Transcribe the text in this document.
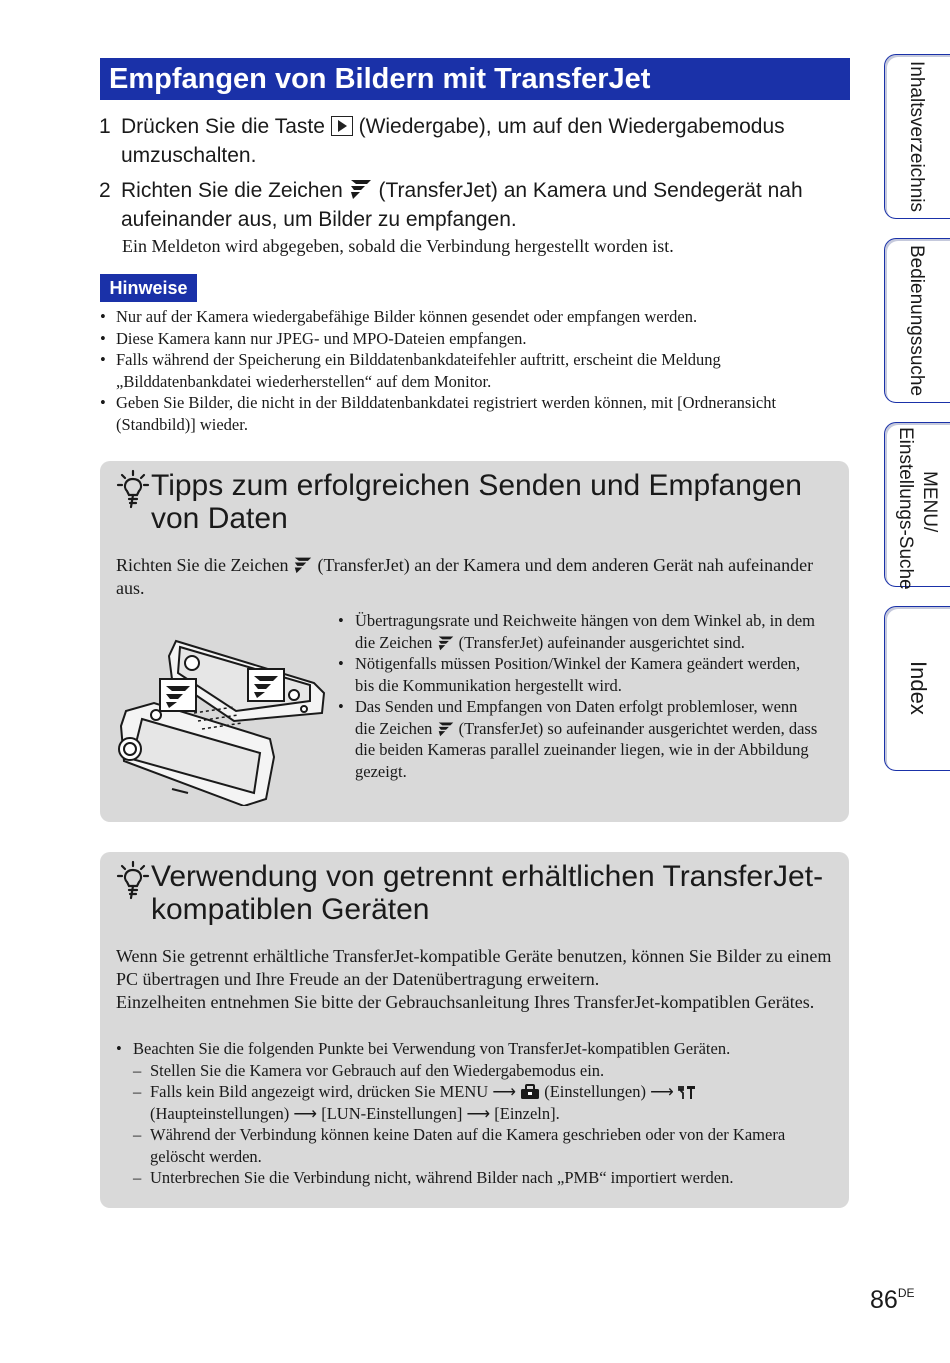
Empfangen von Bildern mit TransferJet
1 Drücken Sie die Taste (Wiedergabe), um auf den Wiedergabemodus
umzuschalten.
2 Richten Sie die Zeichen (TransferJet) an Kamera und Sendegerät nah
aufeinander aus, um Bilder zu empfangen.
Ein Meldeton wird abgegeben, sobald die Verbindung hergestellt worden ist.
Hinweise
• Nur auf der Kamera wiedergabefähige Bilder können gesendet oder empfangen werden.
• Diese Kamera kann nur JPEG- und MPO-Dateien empfangen.
• Falls während der Speicherung ein Bilddatenbankdateifehler auftritt, erscheint die Meldung „Bilddatenbankdatei wiederherstellen“ auf dem Monitor.
• Geben Sie Bilder, die nicht in der Bilddatenbankdatei registriert werden können, mit [Ordneransicht (Standbild)] wieder.
Tipps zum erfolgreichen Senden und Empfangen von Daten
Richten Sie die Zeichen (TransferJet) an der Kamera und dem anderen Gerät nah aufeinander aus.
• Übertragungsrate und Reichweite hängen von dem Winkel ab, in dem die Zeichen (TransferJet) aufeinander ausgerichtet sind.
• Nötigenfalls müssen Position/Winkel der Kamera geändert werden, bis die Kommunikation hergestellt wird.
• Das Senden und Empfangen von Daten erfolgt problemloser, wenn die Zeichen (TransferJet) so aufeinander ausgerichtet werden, dass die beiden Kameras parallel zueinander liegen, wie in der Abbildung gezeigt.
Verwendung von getrennt erhältlichen TransferJet-kompatiblen Geräten
Wenn Sie getrennt erhältliche TransferJet-kompatible Geräte benutzen, können Sie Bilder zu einem PC übertragen und Ihre Freude an der Datenübertragung erweitern.
Einzelheiten entnehmen Sie bitte der Gebrauchsanleitung Ihres TransferJet-kompatiblen Gerätes.
• Beachten Sie die folgenden Punkte bei Verwendung von TransferJet-kompatiblen Geräten.
– Stellen Sie die Kamera vor Gebrauch auf den Wiedergabemodus ein.
– Falls kein Bild angezeigt wird, drücken Sie MENU ⟶ (Einstellungen) ⟶
(Haupteinstellungen) ⟶ [LUN-Einstellungen] ⟶ [Einzeln].
– Während der Verbindung können keine Daten auf die Kamera geschrieben oder von der Kamera gelöscht werden.
– Unterbrechen Sie die Verbindung nicht, während Bilder nach „PMB“ importiert werden.
Inhaltsverzeichnis
Bedienungssuche
MENU/
Einstellungs-Suche
Index
86DE
